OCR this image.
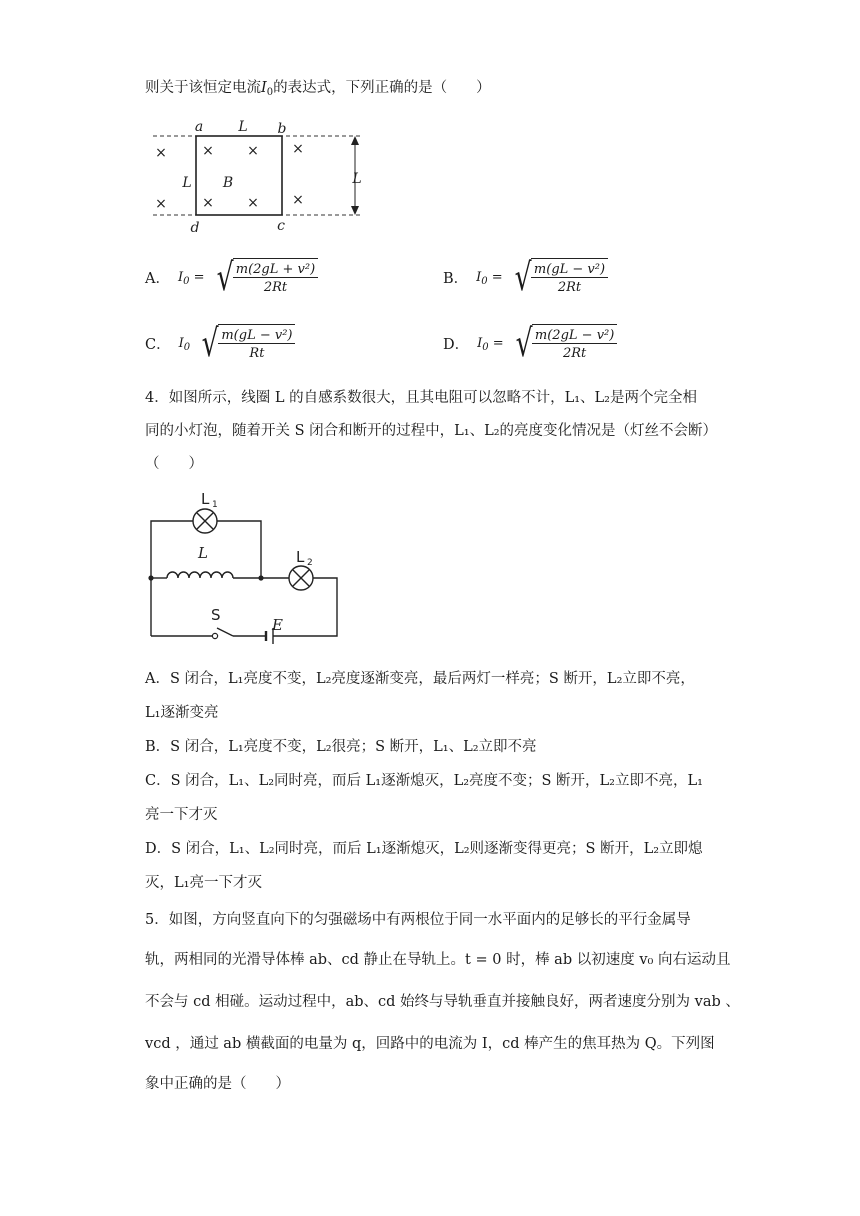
则关于该恒定电流$I_0$的表达式，下列正确的是（　　）
×
×
× ×
× ×
×
×
a	L b
L B
c
d
L
A． $I_0$ = √ $\frac{\text{m(2gL + v²)}}{2Rt}$	B． $I_0$ = √ $\frac{\text{m(gL − v²)}}{2Rt}$
C． $I_0$ √ $\frac{\text{m(gL − v²)}}{Rt}$	D． $I_0$ = √ $\frac{\text{m(2gL − v²)}}{2Rt}$
4．如图所示，线圈 L 的自感系数很大，且其电阻可以忽略不计，L₁、L₂是两个完全相
同的小灯泡，随着开关 S 闭合和断开的过程中，L₁、L₂的亮度变化情况是（灯丝不会断）
（　　）
L 1
L 2
S
L
E
A．S 闭合，L₁亮度不变，L₂亮度逐渐变亮，最后两灯一样亮；S 断开，L₂立即不亮，
L₁逐渐变亮
B．S 闭合，L₁亮度不变，L₂很亮；S 断开，L₁、L₂立即不亮
C．S 闭合，L₁、L₂同时亮，而后 L₁逐渐熄灭，L₂亮度不变；S 断开，L₂立即不亮，L₁
亮一下才灭
D．S 闭合，L₁、L₂同时亮，而后 L₁逐渐熄灭，L₂则逐渐变得更亮；S 断开，L₂立即熄
灭，L₁亮一下才灭
5．如图，方向竖直向下的匀强磁场中有两根位于同一水平面内的足够长的平行金属导
轨，两相同的光滑导体棒 ab、cd 静止在导轨上。t = 0 时，棒 ab 以初速度 v₀ 向右运动且
不会与 cd 相碰。运动过程中，ab、cd 始终与导轨垂直并接触良好，两者速度分别为 vab 、
vcd ，通过 ab 横截面的电量为 q，回路中的电流为 I，cd 棒产生的焦耳热为 Q。下列图
象中正确的是（　　）
